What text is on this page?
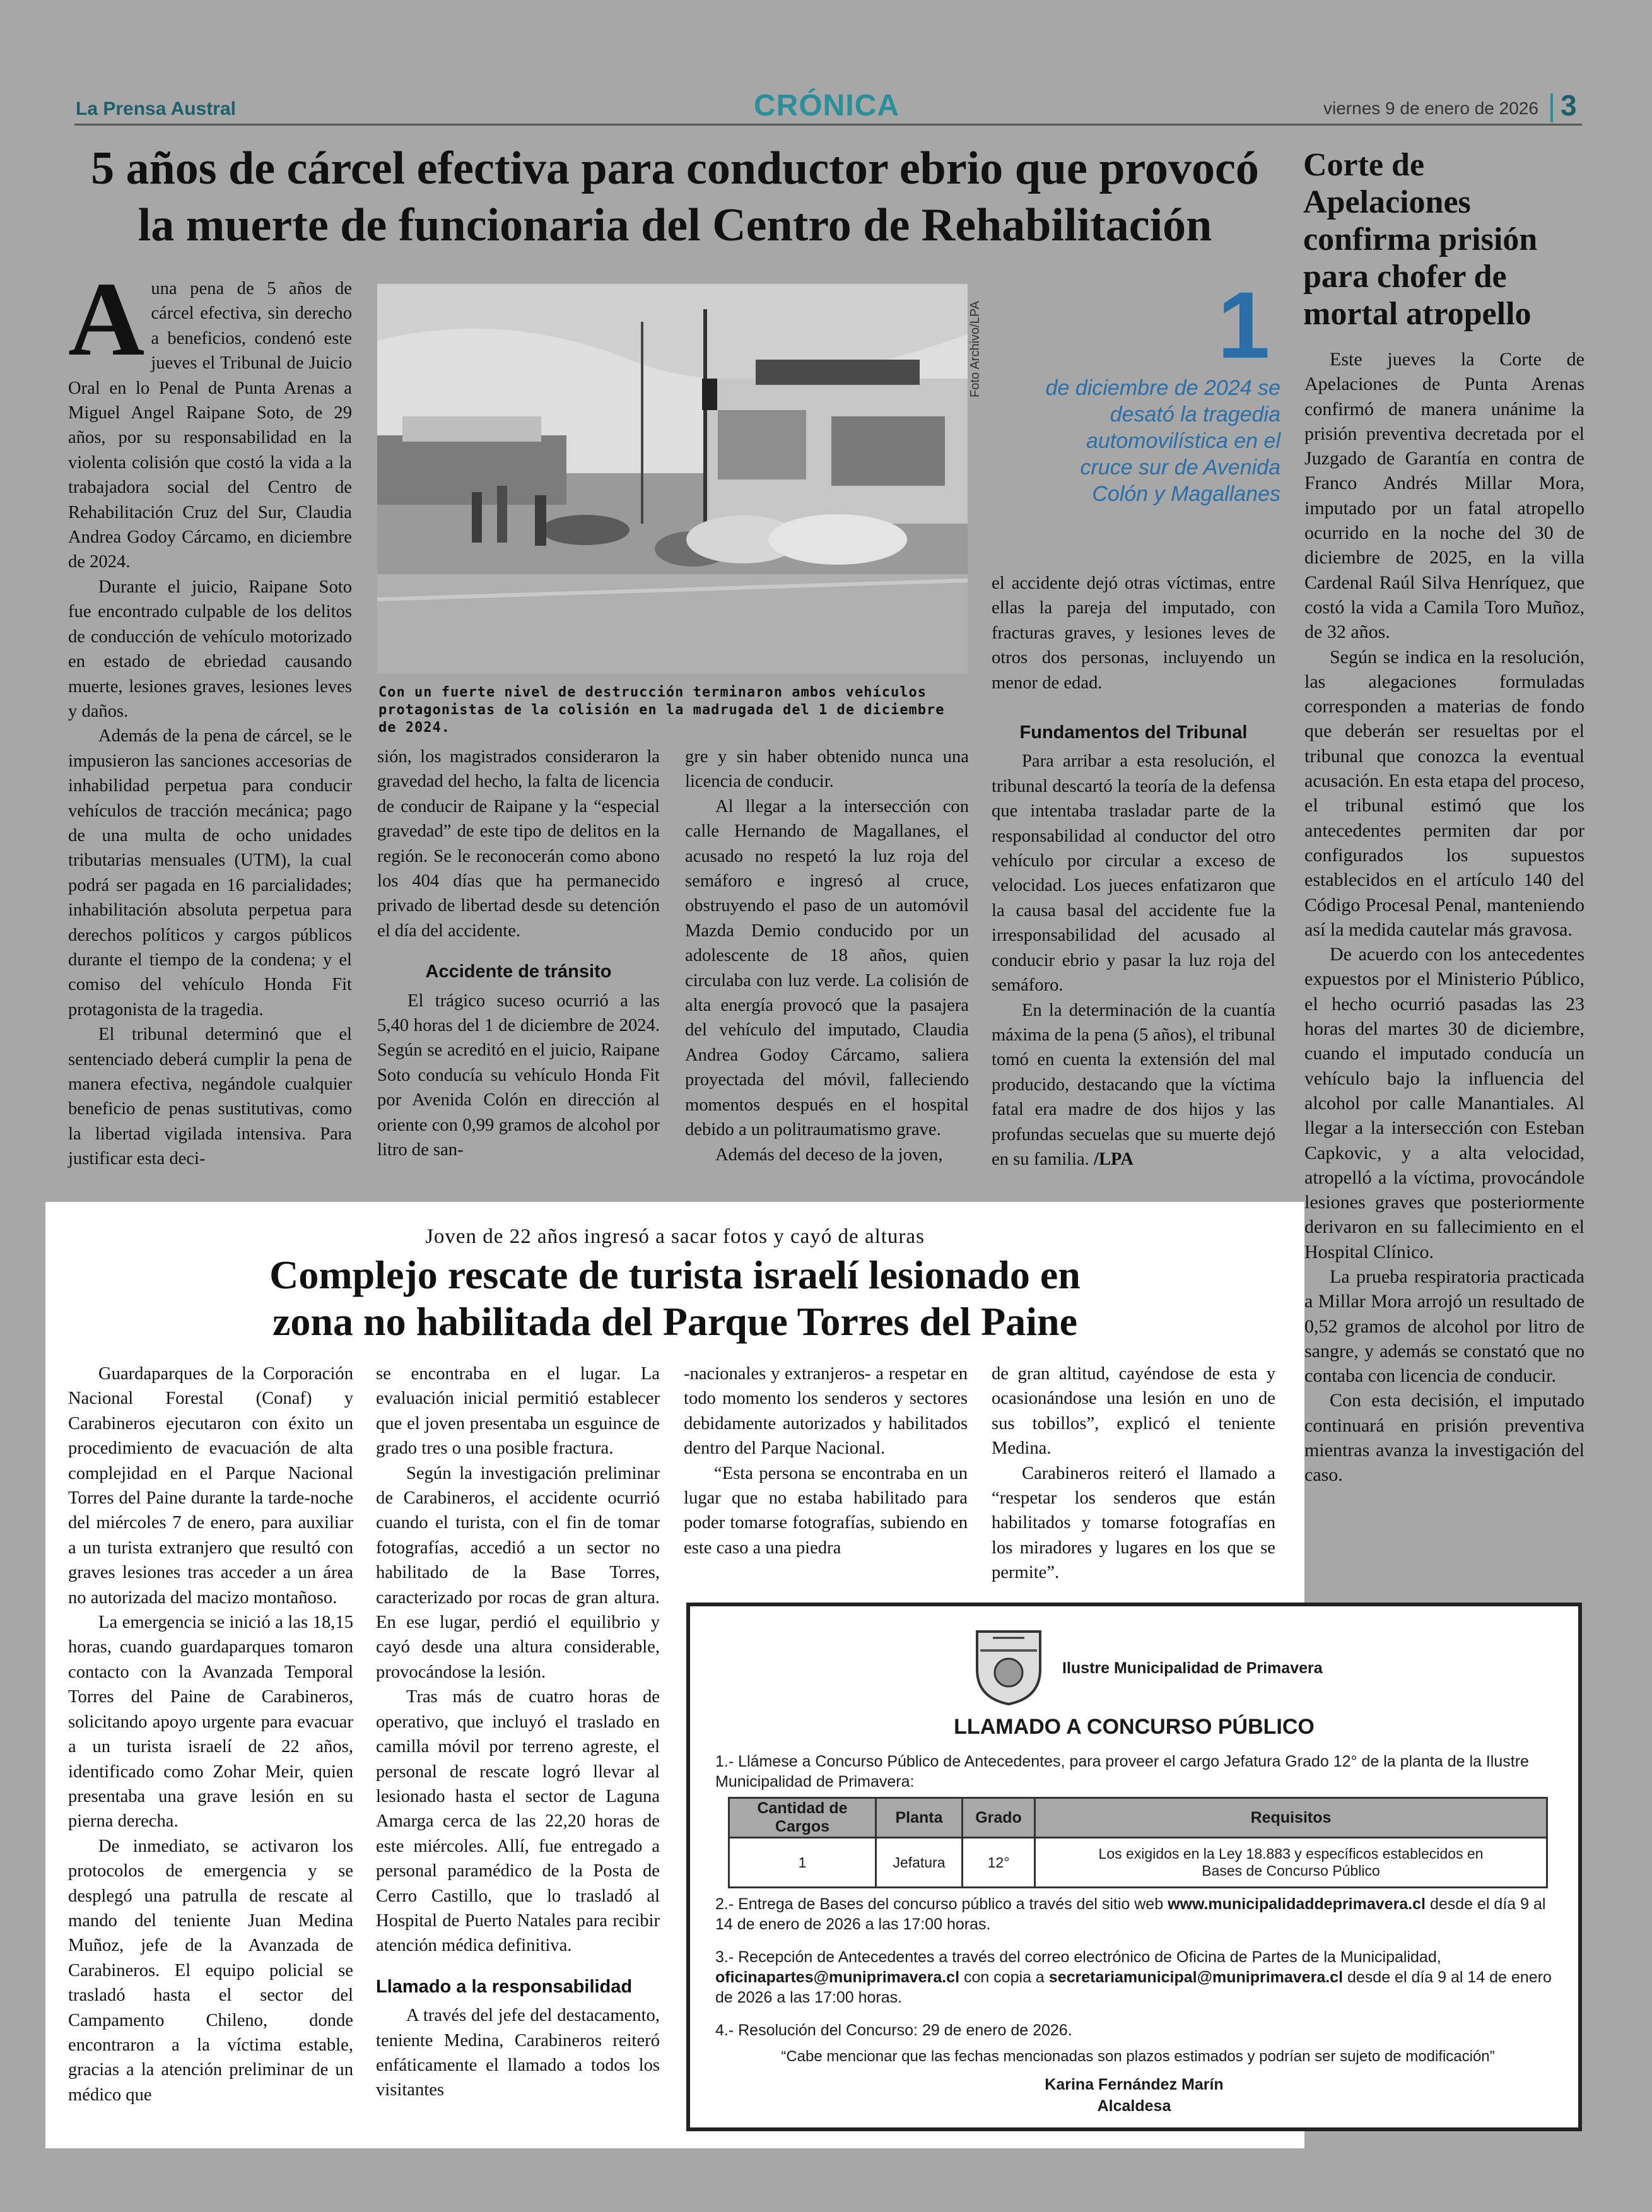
La Prensa Austral	CRÓNICA	viernes 9 de enero de 2026 3
5 años de cárcel efectiva para conductor ebrio que provocó la muerte de funcionaria del Centro de Rehabilitación

Auna pena de 5 años de cárcel efectiva, sin derecho a beneficios, condenó este jueves el Tribunal de Juicio Oral en lo Penal de Punta Arenas a Miguel Angel Raipane Soto, de 29 años, por su responsabilidad en la violenta colisión que costó la vida a la trabajadora social del Centro de Rehabilitación Cruz del Sur, Claudia Andrea Godoy Cárcamo, en diciembre de 2024.

Durante el juicio, Raipane Soto fue encontrado culpable de los delitos de conducción de vehículo motorizado en estado de ebriedad causando muerte, lesiones graves, lesiones leves y daños.

Además de la pena de cárcel, se le impusieron las sanciones accesorias de inhabilidad perpetua para conducir vehículos de tracción mecánica; pago de una multa de ocho unidades tributarias mensuales (UTM), la cual podrá ser pagada en 16 parcialidades; inhabilitación absoluta perpetua para derechos políticos y cargos públicos durante el tiempo de la condena; y el comiso del vehículo Honda Fit protagonista de la tragedia.

El tribunal determinó que el sentenciado deberá cumplir la pena de manera efectiva, negándole cualquier beneficio de penas sustitutivas, como la libertad vigilada intensiva. Para justificar esta deci-

Foto Archivo/LPA
Con un fuerte nivel de destrucción terminaron ambos vehículos protagonistas de la colisión en la madrugada del 1 de diciembre de 2024.
1
de diciembre de 2024 se desató la tragedia automovilística en el cruce sur de Avenida Colón y Magallanes

sión, los magistrados consideraron la gravedad del hecho, la falta de licencia de conducir de Raipane y la “especial gravedad” de este tipo de delitos en la región. Se le reconocerán como abono los 404 días que ha permanecido privado de libertad desde su detención el día del accidente.

Accidente de tránsito

El trágico suceso ocurrió a las 5,40 horas del 1 de diciembre de 2024. Según se acreditó en el juicio, Raipane Soto conducía su vehículo Honda Fit por Avenida Colón en dirección al oriente con 0,99 gramos de alcohol por litro de san-

gre y sin haber obtenido nunca una licencia de conducir.

Al llegar a la intersección con calle Hernando de Magallanes, el acusado no respetó la luz roja del semáforo e ingresó al cruce, obstruyendo el paso de un automóvil Mazda Demio conducido por un adolescente de 18 años, quien circulaba con luz verde. La colisión de alta energía provocó que la pasajera del vehículo del imputado, Claudia Andrea Godoy Cárcamo, saliera proyectada del móvil, falleciendo momentos después en el hospital debido a un politraumatismo grave.

Además del deceso de la joven,

el accidente dejó otras víctimas, entre ellas la pareja del imputado, con fracturas graves, y lesiones leves de otros dos personas, incluyendo un menor de edad.

Fundamentos del Tribunal

Para arribar a esta resolución, el tribunal descartó la teoría de la defensa que intentaba trasladar parte de la responsabilidad al conductor del otro vehículo por circular a exceso de velocidad. Los jueces enfatizaron que la causa basal del accidente fue la irresponsabilidad del acusado al conducir ebrio y pasar la luz roja del semáforo.

En la determinación de la cuantía máxima de la pena (5 años), el tribunal tomó en cuenta la extensión del mal producido, destacando que la víctima fatal era madre de dos hijos y las profundas secuelas que su muerte dejó en su familia. /LPA

Corte de Apelaciones confirma prisión para chofer de mortal atropello

Este jueves la Corte de Apelaciones de Punta Arenas confirmó de manera unánime la prisión preventiva decretada por el Juzgado de Garantía en contra de Franco Andrés Millar Mora, imputado por un fatal atropello ocurrido en la noche del 30 de diciembre de 2025, en la villa Cardenal Raúl Silva Henríquez, que costó la vida a Camila Toro Muñoz, de 32 años.

Según se indica en la resolución, las alegaciones formuladas corresponden a materias de fondo que deberán ser resueltas por el tribunal que conozca la eventual acusación. En esta etapa del proceso, el tribunal estimó que los antecedentes permiten dar por configurados los supuestos establecidos en el artículo 140 del Código Procesal Penal, manteniendo así la medida cautelar más gravosa.

De acuerdo con los antecedentes expuestos por el Ministerio Público, el hecho ocurrió pasadas las 23 horas del martes 30 de diciembre, cuando el imputado conducía un vehículo bajo la influencia del alcohol por calle Manantiales. Al llegar a la intersección con Esteban Capkovic, y a alta velocidad, atropelló a la víctima, provocándole lesiones graves que posteriormente derivaron en su fallecimiento en el Hospital Clínico.

La prueba respiratoria practicada a Millar Mora arrojó un resultado de 0,52 gramos de alcohol por litro de sangre, y además se constató que no contaba con licencia de conducir.

Con esta decisión, el imputado continuará en prisión preventiva mientras avanza la investigación del caso.

Joven de 22 años ingresó a sacar fotos y cayó de alturas
Complejo rescate de turista israelí lesionado en zona no habilitada del Parque Torres del Paine

Guardaparques de la Corporación Nacional Forestal (Conaf) y Carabineros ejecutaron con éxito un procedimiento de evacuación de alta complejidad en el Parque Nacional Torres del Paine durante la tarde-noche del miércoles 7 de enero, para auxiliar a un turista extranjero que resultó con graves lesiones tras acceder a un área no autorizada del macizo montañoso.

La emergencia se inició a las 18,15 horas, cuando guardaparques tomaron contacto con la Avanzada Temporal Torres del Paine de Carabineros, solicitando apoyo urgente para evacuar a un turista israelí de 22 años, identificado como Zohar Meir, quien presentaba una grave lesión en su pierna derecha.

De inmediato, se activaron los protocolos de emergencia y se desplegó una patrulla de rescate al mando del teniente Juan Medina Muñoz, jefe de la Avanzada de Carabineros. El equipo policial se trasladó hasta el sector del Campamento Chileno, donde encontraron a la víctima estable, gracias a la atención preliminar de un médico que

se encontraba en el lugar. La evaluación inicial permitió establecer que el joven presentaba un esguince de grado tres o una posible fractura.

Según la investigación preliminar de Carabineros, el accidente ocurrió cuando el turista, con el fin de tomar fotografías, accedió a un sector no habilitado de la Base Torres, caracterizado por rocas de gran altura. En ese lugar, perdió el equilibrio y cayó desde una altura considerable, provocándose la lesión.

Tras más de cuatro horas de operativo, que incluyó el traslado en camilla móvil por terreno agreste, el personal de rescate logró llevar al lesionado hasta el sector de Laguna Amarga cerca de las 22,20 horas de este miércoles. Allí, fue entregado a personal paramédico de la Posta de Cerro Castillo, que lo trasladó al Hospital de Puerto Natales para recibir atención médica definitiva.

Llamado a la responsabilidad

A través del jefe del destacamento, teniente Medina, Carabineros reiteró enfáticamente el llamado a todos los visitantes

-nacionales y extranjeros- a respetar en todo momento los senderos y sectores debidamente autorizados y habilitados dentro del Parque Nacional.

“Esta persona se encontraba en un lugar que no estaba habilitado para poder tomarse fotografías, subiendo en este caso a una piedra

de gran altitud, cayéndose de esta y ocasionándose una lesión en uno de sus tobillos”, explicó el teniente Medina.

Carabineros reiteró el llamado a “respetar los senderos que están habilitados y tomarse fotografías en los miradores y lugares en los que se permite”.

Ilustre Municipalidad de Primavera
LLAMADO A CONCURSO PÚBLICO
1.- Llámese a Concurso Público de Antecedentes, para proveer el cargo Jefatura Grado 12° de la planta de la Ilustre Municipalidad de Primavera:
Cantidad de Cargos	Planta	Grado	Requisitos
1	Jefatura	12°	Los exigidos en la Ley 18.883 y específicos establecidos en Bases de Concurso Público
2.- Entrega de Bases del concurso público a través del sitio web www.municipalidaddeprimavera.cl desde el día 9 al 14 de enero de 2026 a las 17:00 horas.
3.- Recepción de Antecedentes a través del correo electrónico de Oficina de Partes de la Municipalidad, oficinapartes@muniprimavera.cl con copia a secretariamunicipal@muniprimavera.cl desde el día 9 al 14 de enero de 2026 a las 17:00 horas.
4.- Resolución del Concurso: 29 de enero de 2026.
“Cabe mencionar que las fechas mencionadas son plazos estimados y podrían ser sujeto de modificación”
Karina Fernández Marín
Alcaldesa
